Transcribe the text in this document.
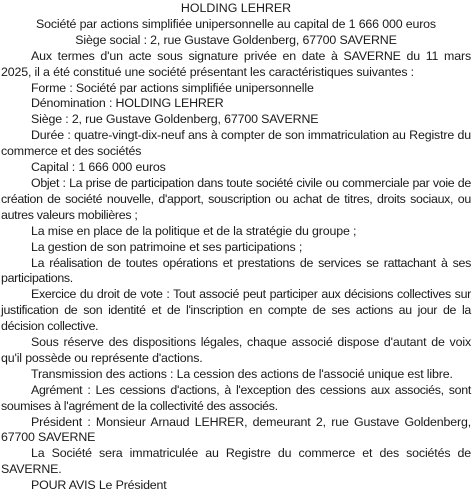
HOLDING LEHRER
Société par actions simplifiée unipersonnelle au capital de 1 666 000 euros
Siège social : 2, rue Gustave Goldenberg, 67700 SAVERNE

Aux termes d'un acte sous signature privée en date à SAVERNE du 11 mars 2025, il a été constitué une société présentant les caractéristiques suivantes :

Forme : Société par actions simplifiée unipersonnelle

Dénomination : HOLDING LEHRER

Siège : 2, rue Gustave Goldenberg, 67700 SAVERNE

Durée : quatre-vingt-dix-neuf ans à compter de son immatriculation au Registre du commerce et des sociétés

Capital : 1 666 000 euros

Objet : La prise de participation dans toute société civile ou commerciale par voie de création de société nouvelle, d'apport, souscription ou achat de titres, droits sociaux, ou autres valeurs mobilières ;

La mise en place de la politique et de la stratégie du groupe ;

La gestion de son patrimoine et ses participations ;

La réalisation de toutes opérations et prestations de services se rattachant à ses participations.

Exercice du droit de vote : Tout associé peut participer aux décisions collectives sur justification de son identité et de l'inscription en compte de ses actions au jour de la décision collective.

Sous réserve des dispositions légales, chaque associé dispose d'autant de voix qu'il possède ou représente d'actions.

Transmission des actions : La cession des actions de l'associé unique est libre.

Agrément : Les cessions d'actions, à l'exception des cessions aux associés, sont soumises à l'agrément de la collectivité des associés.

Président : Monsieur Arnaud LEHRER, demeurant 2, rue Gustave Goldenberg, 67700 SAVERNE

La Société sera immatriculée au Registre du commerce et des sociétés de SAVERNE.

POUR AVIS Le Président
